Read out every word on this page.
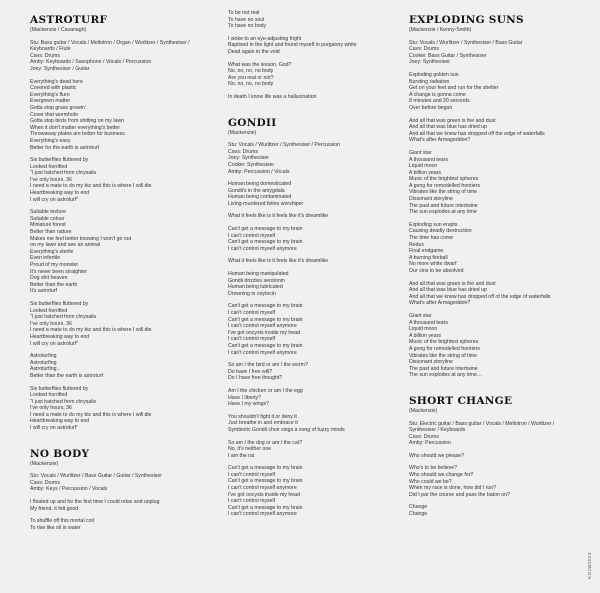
ASTROTURF
(Mackenzie / Cavanagh)
Stu: Bass guitar / Vocals / Mellotron / Organ / Wurlitzer / Synthesiser /
Keyboards / Flute
Cavs: Drums
Amby: Keyboards / Saxophone / Vocals / Percussion
Joey: Synthesiser / Guitar
Everything's dead here
Covered with plastic
Everything's fluro
Evergreen matter
Gotta stop grass growin'
Cover that wormhole
Gotta stop birds from shitting on my lawn
When it don't matter everything's better
Throwaway plates are better for business
Everything's easy
Better for the earth is astroturf
Six butterflies fluttered by
Looked horrified
"I just hatched from chrysalis
I've only hours, 36
I need a mate to do my biz and this is where I will die
Heartbreaking way to end
I will cry on astroturf"
Suitable texture
Suitable colour
Miniature forest
Better than nature
Makes me feel better knowing I won't go out
on my lawn and see an animal
Everything's sterile
Even infertile
Proud of my monster
It's never been straighter
Dog shit heaven
Better than the earth
It's astroturf
Six butterflies fluttered by
Looked horrified
"I just hatched from chrysalis
I've only hours, 36
I need a mate to do my biz and this is where I will die
Heartbreaking way to end
I will cry on astroturf"
Astroturfing
Astroturfing
Astroturfing...
Better than the earth is astroturf
Six butterflies fluttered by
Looked horrified
"I just hatched from chrysalis
I've only hours, 36
I need a mate to do my biz and this is where I will die
Heartbreaking way to end
I will cry on astroturf"
NO BODY
(Mackenzie)
Stu: Vocals / Wurlitzer / Bass Guitar / Guitar / Synthesiser
Cavs: Drums
Amby: Keys / Percussion / Vocals
I floated up and for the first time I could relax and unplug
My friend, it felt good
To shuffle off this mortal coil
To rise like oil in water
To be not real
To have no soul
To have no body
I woke to an eye-adjusting fright
Baptised in the light and found myself in purgatory white
Dead again in the void
What was the lesson, God?
No, no, no, no body
Are you real or not?
No, no, no, no body
In death I know life was a hallucination
GONDII
(Mackenzie)
Stu: Vocals / Wurlitzer / Synthesiser / Percussion
Cavs: Drums
Joey: Synthesiser
Cookie: Synthesiser
Amby: Percussion / Vocals
Human being domesticated
Gondii's in the amygdala
Human being contaminated
Living-murdered feline worshiper
What it feels like is it feels like it's dreamlike
Can't get a message to my brain
I can't control myself
Can't get a message to my brain
I can't control myself anymore
What it feels like is it feels like it's dreamlike
Human being manipulated
Gondii drizzles serotonin
Human being lubricated
Drowning in oxytocin
Can't get a message to my brain
I can't control myself
Can't get a message to my brain
I can't control myself anymore
I've got oocysts inside my head
I can't control myself
Can't get a message to my brain
I can't control myself anymore
So am I the bird or am I the worm?
Do have I free will?
Do I have free thought?
Am I the chicken or am I the egg
Have I liberty?
Have I my wings?
You shouldn't fight it or deny it
Just breathe in and embrace it
Symbiotic Gondii choir sings a song of fuzzy minds
So am I the dog or am I the cat?
No, it's neither one
I am the rat
Can't get a message to my brain
I can't control myself
Can't get a message to my brain
I can't control myself anymore
I've got oocysts inside my head
I can't control myself
Can't get a message to my brain
I can't control myself anymore
EXPLODING SUNS
(Mackenzie / Kenny-Smith)
Stu: Vocals / Wurlitzer / Synthesiser / Bass Guitar
Cavs: Drums
Cookie: Bass Guitar / Synthesiser
Joey: Synthesiser
Exploding golden sun
Bursting radiation
Get on your feet and run for the shelter
A change is gonna come
8 minutes and 20 seconds
Over before begun
And all that was green is fire and dust
And all that was blue has dried up
And all that we knew has dropped off the edge of waterfalls
What's after Armageddon?
Giant star
A thousand tears
Liquid moon
A billion years
Music of the brightest spheres
A gong for remodelled frontiers
Vibrates like the string of time
Dissonant storyline
The past and future intertwine
The sun explodes at any time
Exploding sun erupts
Causing deadly destruction
The time has come
Redux
Final endgame
A burning fireball
No more white dwarf
Our sins to be absolved
And all that was green is fire and dust
And all that was blue has dried up
And all that we knew has dropped off of the edge of waterfalls
What's after Armageddon?
Giant star
A thousand tears
Liquid moon
A billion years
Music of the brightest spheres
A gong for remodelled frontiers
Vibrates like the string of time
Dissonant storyline
The past and future intertwine
The sun explodes at any time…
SHORT CHANGE
(Mackenzie)
Stu: Electric guitar / Bass guitar / Vocals / Mellotron / Wurlitzer /
Synthesiser / Keyboards
Cavs: Drums
Amby: Percussion
Who should we please?
Who's to be believe?
Who should we change for?
Who could we be?
When my race is done, how did I run?
Did I par the course and pass the baton on?
Change
Change
KGLW2023
